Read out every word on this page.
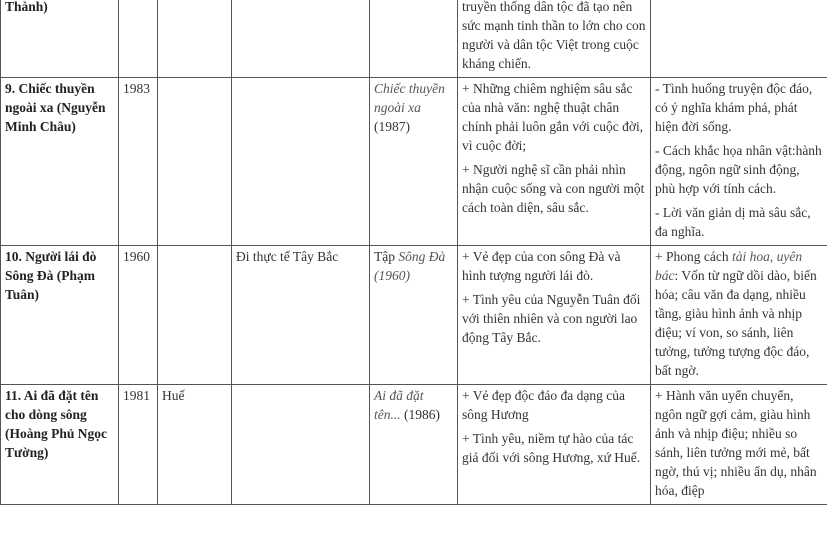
Thành)					truyền thống dân tộc đã tạo nên sức mạnh tinh thần to lớn cho con người và dân tộc Việt trong cuộc kháng chiến.	

9. Chiếc thuyền ngoài xa (Nguyễn Minh Châu)	1983			Chiếc thuyền ngoài xa (1987)	+ Những chiêm nghiệm sâu sắc của nhà văn: nghệ thuật chân chính phải luôn gắn với cuộc đời, vì cuộc đời;
+ Người nghệ sĩ cần phải nhìn nhận cuộc sống và con người một cách toàn diện, sâu sắc.	- Tình huống truyện độc đáo, có ý nghĩa khám phá, phát hiện đời sống.
- Cách khắc họa nhân vật:hành động, ngôn ngữ sinh động, phù hợp với tính cách.
- Lời văn giản dị mà sâu sắc, đa nghĩa.

10. Người lái đò Sông Đà (Phạm Tuân)	1960		Đi thực tế Tây Bắc	Tập Sông Đà (1960)	+ Vẻ đẹp của con sông Đà và hình tượng người lái đò.
+ Tình yêu của Nguyễn Tuân đối với thiên nhiên và con người lao động Tây Bắc.	+ Phong cách tài hoa, uyên bác: Vốn từ ngữ dồi dào, biến hóa; câu văn đa dạng, nhiều tầng, giàu hình ảnh và nhịp điệu; ví von, so sánh, liên tưởng, tưởng tượng độc đáo, bất ngờ.

11. Ai đã đặt tên cho dòng sông (Hoàng Phủ Ngọc Tường)	1981	Huế		Ai đã đặt tên... (1986)	+ Vẻ đẹp độc đáo đa dạng của sông Hương
+ Tình yêu, niềm tự hào của tác giả đối với sông Hương, xứ Huế.	+ Hành văn uyển chuyển, ngôn ngữ gợi cảm, giàu hình ảnh và nhịp điệu; nhiều so sánh, liên tưởng mới mẻ, bất ngờ, thú vị; nhiều ẩn dụ, nhân hóa, điệp
